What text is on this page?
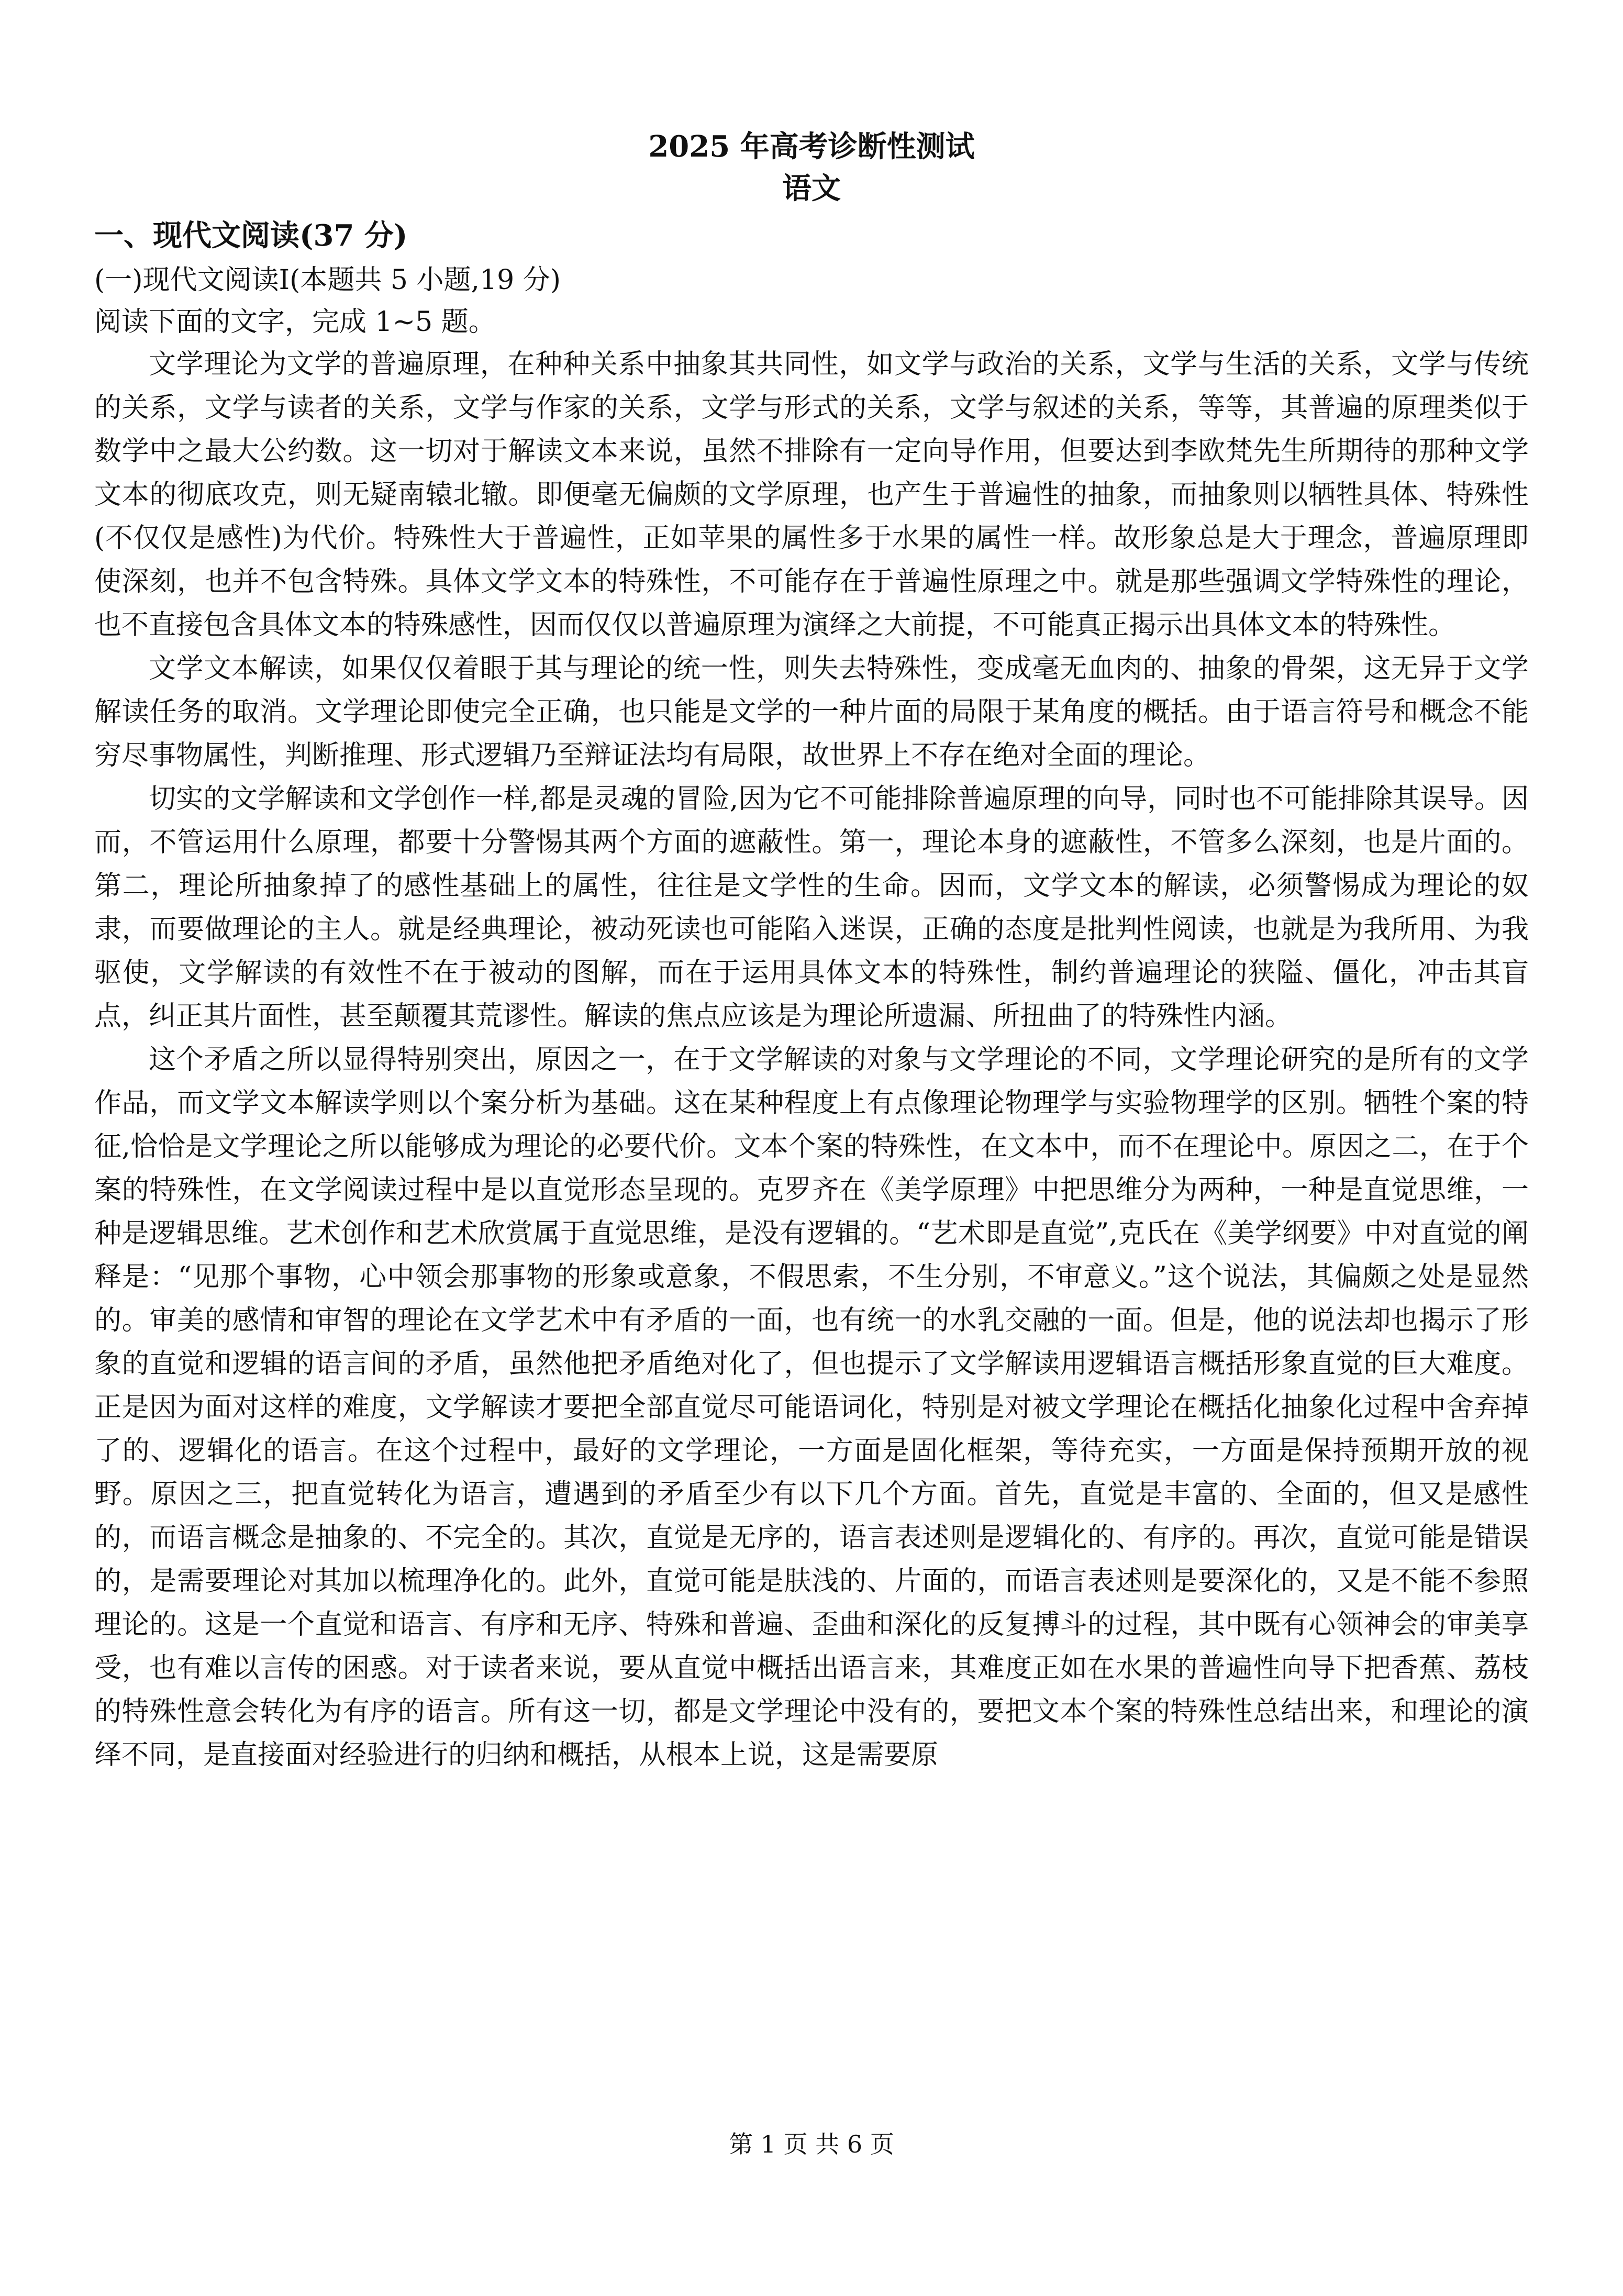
2025 年高考诊断性测试
语文
一、现代文阅读(37 分)
(一)现代文阅读Ⅰ(本题共 5 小题,19 分)
阅读下面的文字，完成 1~5 题。

文学理论为文学的普遍原理，在种种关系中抽象其共同性，如文学与政治的关系，文学与生活的关系，文学与传统的关系，文学与读者的关系，文学与作家的关系，文学与形式的关系，文学与叙述的关系，等等，其普遍的原理类似于数学中之最大公约数。这一切对于解读文本来说，虽然不排除有一定向导作用，但要达到李欧梵先生所期待的那种文学文本的彻底攻克，则无疑南辕北辙。即便毫无偏颇的文学原理，也产生于普遍性的抽象，而抽象则以牺牲具体、特殊性(不仅仅是感性)为代价。特殊性大于普遍性，正如苹果的属性多于水果的属性一样。故形象总是大于理念，普遍原理即使深刻，也并不包含特殊。具体文学文本的特殊性，不可能存在于普遍性原理之中。就是那些强调文学特殊性的理论，也不直接包含具体文本的特殊感性，因而仅仅以普遍原理为演绎之大前提，不可能真正揭示出具体文本的特殊性。

文学文本解读，如果仅仅着眼于其与理论的统一性，则失去特殊性，变成毫无血肉的、抽象的骨架，这无异于文学解读任务的取消。文学理论即使完全正确，也只能是文学的一种片面的局限于某角度的概括。由于语言符号和概念不能穷尽事物属性，判断推理、形式逻辑乃至辩证法均有局限，故世界上不存在绝对全面的理论。

切实的文学解读和文学创作一样,都是灵魂的冒险,因为它不可能排除普遍原理的向导，同时也不可能排除其误导。因而，不管运用什么原理，都要十分警惕其两个方面的遮蔽性。第一，理论本身的遮蔽性，不管多么深刻，也是片面的。第二，理论所抽象掉了的感性基础上的属性，往往是文学性的生命。因而，文学文本的解读，必须警惕成为理论的奴隶，而要做理论的主人。就是经典理论，被动死读也可能陷入迷误，正确的态度是批判性阅读，也就是为我所用、为我驱使，文学解读的有效性不在于被动的图解，而在于运用具体文本的特殊性，制约普遍理论的狭隘、僵化，冲击其盲点，纠正其片面性，甚至颠覆其荒谬性。解读的焦点应该是为理论所遗漏、所扭曲了的特殊性内涵。

这个矛盾之所以显得特别突出，原因之一，在于文学解读的对象与文学理论的不同，文学理论研究的是所有的文学作品，而文学文本解读学则以个案分析为基础。这在某种程度上有点像理论物理学与实验物理学的区别。牺牲个案的特征,恰恰是文学理论之所以能够成为理论的必要代价。文本个案的特殊性，在文本中，而不在理论中。原因之二，在于个案的特殊性，在文学阅读过程中是以直觉形态呈现的。克罗齐在《美学原理》中把思维分为两种，一种是直觉思维，一种是逻辑思维。艺术创作和艺术欣赏属于直觉思维，是没有逻辑的。“艺术即是直觉”,克氏在《美学纲要》中对直觉的阐释是：“见那个事物，心中领会那事物的形象或意象，不假思索，不生分别，不审意义。”这个说法，其偏颇之处是显然的。审美的感情和审智的理论在文学艺术中有矛盾的一面，也有统一的水乳交融的一面。但是，他的说法却也揭示了形象的直觉和逻辑的语言间的矛盾，虽然他把矛盾绝对化了，但也提示了文学解读用逻辑语言概括形象直觉的巨大难度。正是因为面对这样的难度，文学解读才要把全部直觉尽可能语词化，特别是对被文学理论在概括化抽象化过程中舍弃掉了的、逻辑化的语言。在这个过程中，最好的文学理论，一方面是固化框架，等待充实，一方面是保持预期开放的视野。原因之三，把直觉转化为语言，遭遇到的矛盾至少有以下几个方面。首先，直觉是丰富的、全面的，但又是感性的，而语言概念是抽象的、不完全的。其次，直觉是无序的，语言表述则是逻辑化的、有序的。再次，直觉可能是错误的，是需要理论对其加以梳理净化的。此外，直觉可能是肤浅的、片面的，而语言表述则是要深化的，又是不能不参照理论的。这是一个直觉和语言、有序和无序、特殊和普遍、歪曲和深化的反复搏斗的过程，其中既有心领神会的审美享受，也有难以言传的困惑。对于读者来说，要从直觉中概括出语言来，其难度正如在水果的普遍性向导下把香蕉、荔枝的特殊性意会转化为有序的语言。所有这一切，都是文学理论中没有的，要把文本个案的特殊性总结出来，和理论的演绎不同，是直接面对经验进行的归纳和概括，从根本上说，这是需要原

第 1 页 共 6 页
